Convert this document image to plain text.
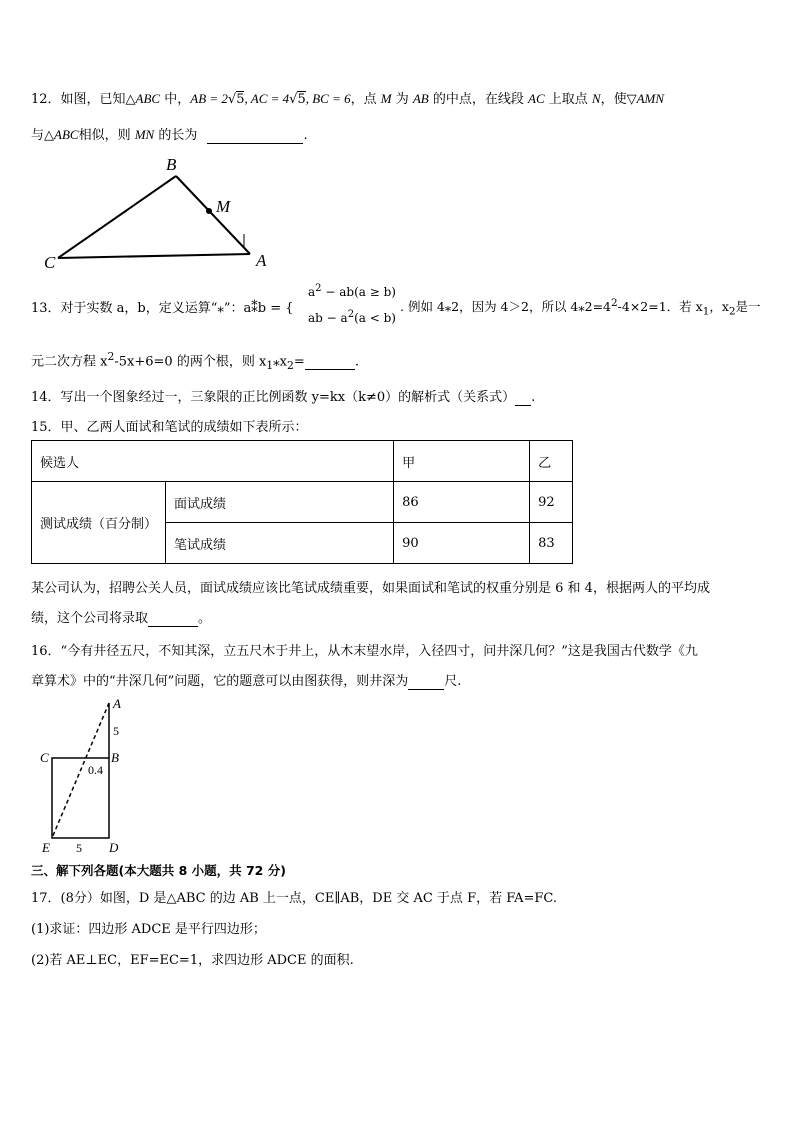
12．如图，已知△ABC 中，AB = 2√5, AC = 4√5, BC = 6，点 M 为 AB 的中点，在线段 AC 上取点 N，使▽AMN
与△ABC相似，则 MN 的长为	.
B
M
C	A
13．对于实数 a，b，定义运算“⁎”：a⁑b = {
$a^2 - ab(a \ge b)$
ab − $a^2(a < b)$
. 例如 4⁎2，因为 4＞2，所以 $4⁎2=4^2-4\times 2=1$．若 $x_1$，$x_2$是一
元二次方程 $x^2-5x+6=0$ 的两个根，则 $x_1⁎x_2=$	.
14．写出一个图象经过一，三象限的正比例函数 y=kx（k≠0）的解析式（关系式） .
15．甲、乙两人面试和笔试的成绩如下表所示：
候选人		甲	乙
测试成绩（百分制）	面试成绩	86	92
	笔试成绩	90	83
某公司认为，招聘公关人员，面试成绩应该比笔试成绩重要，如果面试和笔试的权重分别是 6 和 4，根据两人的平均成
绩，这个公司将录取	。
16．“今有井径五尺，不知其深，立五尺木于井上，从木末望水岸，入径四寸，问井深几何？”这是我国古代数学《九
章算术》中的“井深几何”问题，它的题意可以由图获得，则井深为	尺.
A
5
C	B
0.4
E 5 D
三、解下列各题(本大题共 8 小题，共 72 分)
17．(8分）如图，D 是△ABC 的边 AB 上一点，CE∥AB，DE 交 AC 于点 F，若 FA=FC.
(1)求证：四边形 ADCE 是平行四边形；
(2)若 AE⊥EC，EF=EC=1，求四边形 ADCE 的面积.
